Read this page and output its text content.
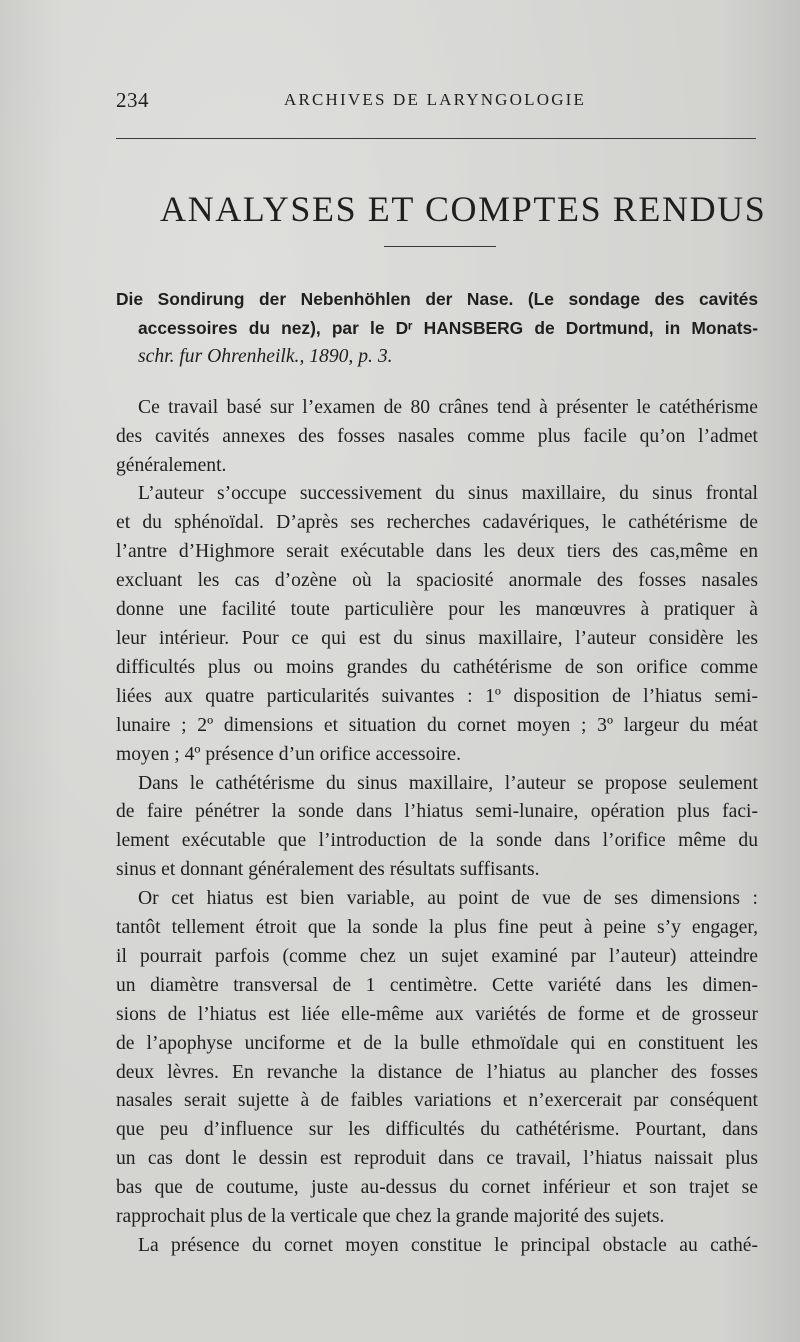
234	ARCHIVES DE LARYNGOLOGIE
ANALYSES ET COMPTES RENDUS
Die Sondirung der Nebenhöhlen der Nase. (Le sondage des cavités
accessoires du nez), par le Dʳ HANSBERG de Dortmund, in Monats-
schr. fur Ohrenheilk., 1890, p. 3.
Ce travail basé sur l’examen de 80 crânes tend à présenter le catéthérisme
des cavités annexes des fosses nasales comme plus facile qu’on l’admet
généralement.
L’auteur s’occupe successivement du sinus maxillaire, du sinus frontal
et du sphénoïdal. D’après ses recherches cadavériques, le cathétérisme de
l’antre d’Highmore serait exécutable dans les deux tiers des cas,même en
excluant les cas d’ozène où la spaciosité anormale des fosses nasales
donne une facilité toute particulière pour les manœuvres à pratiquer à
leur intérieur. Pour ce qui est du sinus maxillaire, l’auteur considère les
difficultés plus ou moins grandes du cathétérisme de son orifice comme
liées aux quatre particularités suivantes : 1º disposition de l’hiatus semi-
lunaire ; 2º dimensions et situation du cornet moyen ; 3º largeur du méat
moyen ; 4º présence d’un orifice accessoire.
Dans le cathétérisme du sinus maxillaire, l’auteur se propose seulement
de faire pénétrer la sonde dans l’hiatus semi-lunaire, opération plus faci-
lement exécutable que l’introduction de la sonde dans l’orifice même du
sinus et donnant généralement des résultats suffisants.
Or cet hiatus est bien variable, au point de vue de ses dimensions :
tantôt tellement étroit que la sonde la plus fine peut à peine s’y engager,
il pourrait parfois (comme chez un sujet examiné par l’auteur) atteindre
un diamètre transversal de 1 centimètre. Cette variété dans les dimen-
sions de l’hiatus est liée elle-même aux variétés de forme et de grosseur
de l’apophyse unciforme et de la bulle ethmoïdale qui en constituent les
deux lèvres. En revanche la distance de l’hiatus au plancher des fosses
nasales serait sujette à de faibles variations et n’exercerait par conséquent
que peu d’influence sur les difficultés du cathétérisme. Pourtant, dans
un cas dont le dessin est reproduit dans ce travail, l’hiatus naissait plus
bas que de coutume, juste au-dessus du cornet inférieur et son trajet se
rapprochait plus de la verticale que chez la grande majorité des sujets.
La présence du cornet moyen constitue le principal obstacle au cathé-
